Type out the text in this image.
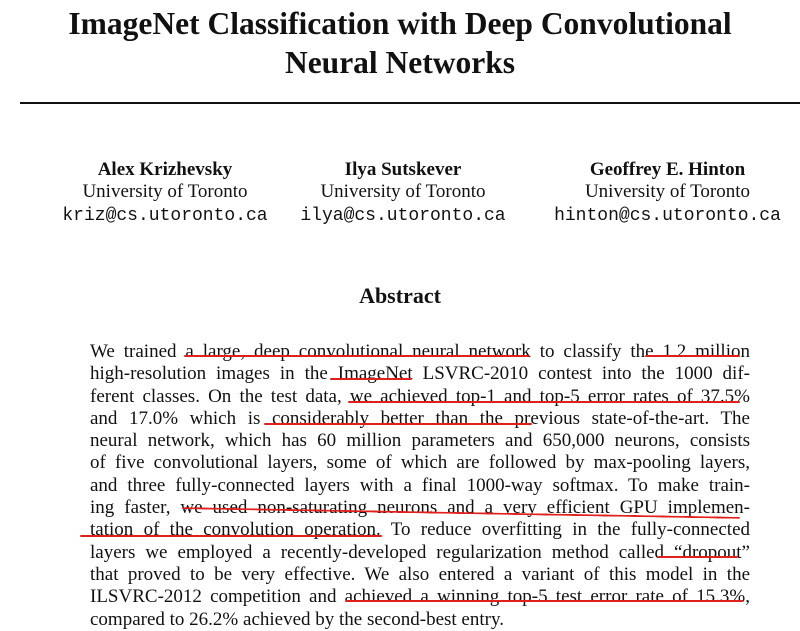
ImageNet Classification with Deep Convolutional
Neural Networks
Alex Krizhevsky
University of Toronto
kriz@cs.utoronto.ca
Ilya Sutskever
University of Toronto
ilya@cs.utoronto.ca
Geoffrey E. Hinton
University of Toronto
hinton@cs.utoronto.ca
Abstract
We trained a large, deep convolutional neural network to classify the 1.2 million
high-resolution images in the ImageNet LSVRC-2010 contest into the 1000 dif-
ferent classes. On the test data, we achieved top-1 and top-5 error rates of 37.5%
and 17.0% which is considerably better than the previous state-of-the-art. The
neural network, which has 60 million parameters and 650,000 neurons, consists
of five convolutional layers, some of which are followed by max-pooling layers,
and three fully-connected layers with a final 1000-way softmax. To make train-
ing faster, we used non-saturating neurons and a very efficient GPU implemen-
tation of the convolution operation. To reduce overfitting in the fully-connected
layers we employed a recently-developed regularization method called “dropout”
that proved to be very effective. We also entered a variant of this model in the
ILSVRC-2012 competition and achieved a winning top-5 test error rate of 15.3%,
compared to 26.2% achieved by the second-best entry.
